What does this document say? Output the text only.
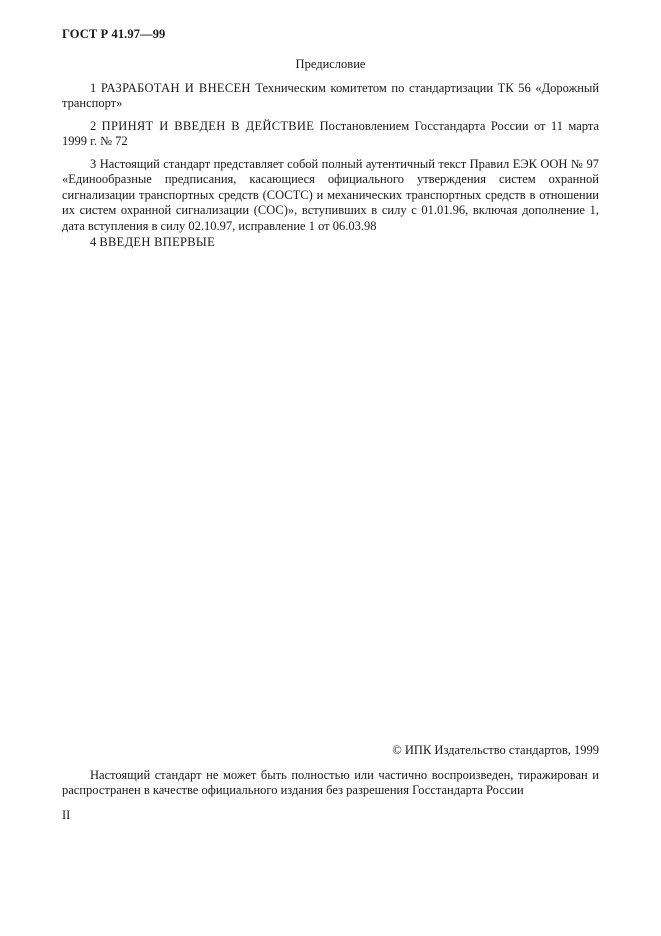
ГОСТ Р 41.97—99
Предисловие
1 РАЗРАБОТАН И ВНЕСЕН Техническим комитетом по стандартизации ТК 56 «Дорожный транспорт»
2 ПРИНЯТ И ВВЕДЕН В ДЕЙСТВИЕ Постановлением Госстандарта России от 11 марта 1999 г. № 72
3 Настоящий стандарт представляет собой полный аутентичный текст Правил ЕЭК ООН № 97 «Единообразные предписания, касающиеся официального утверждения систем охранной сигнализации транспортных средств (СОСТС) и механических транспортных средств в отношении их систем охранной сигнализации (СОС)», вступивших в силу с 01.01.96, включая дополнение 1, дата вступления в силу 02.10.97, исправление 1 от 06.03.98
4 ВВЕДЕН ВПЕРВЫЕ
© ИПК Издательство стандартов, 1999
Настоящий стандарт не может быть полностью или частично воспроизведен, тиражирован и распространен в качестве официального издания без разрешения Госстандарта России
II
